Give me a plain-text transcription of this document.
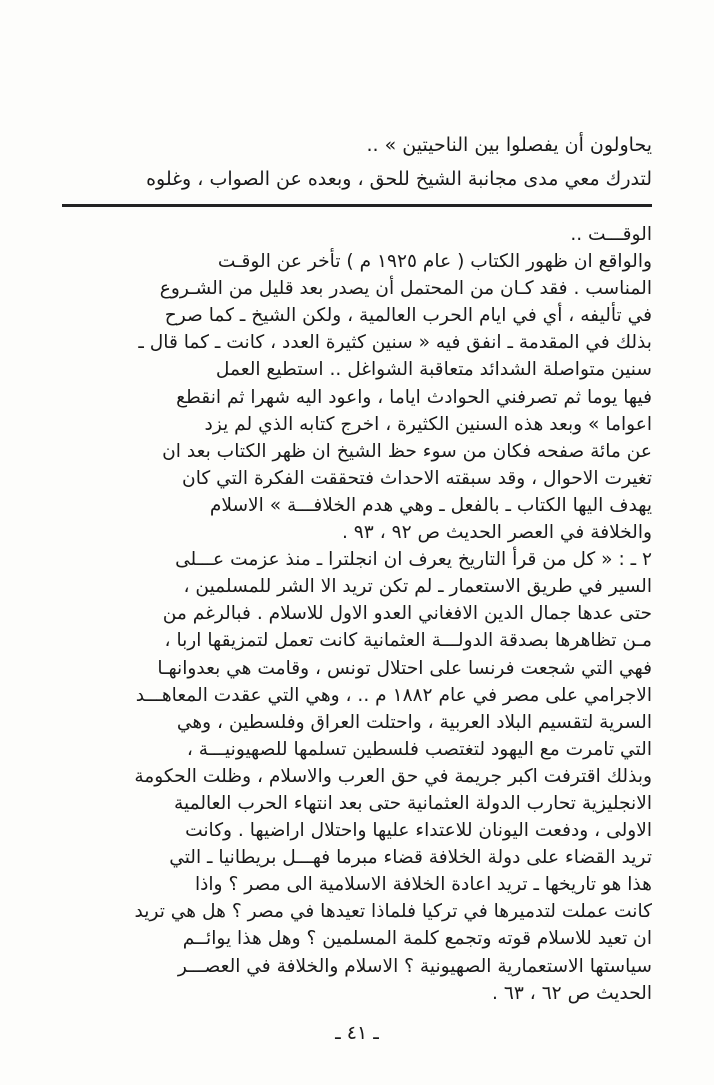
يحاولون أن يفصلوا بين الناحيتين » ..
لتدرك معي مدى مجانبة الشيخ للحق ، وبعده عن الصواب ، وغلوه
الوقـــت ..
والواقع ان ظهور الكتاب ( عام ١٩٢٥ م ) تأخر عن الوقـت
المناسب . فقد كـان من المحتمل أن يصدر بعد قليل من الشـروع
في تأليفه ، أي في ايام الحرب العالمية ، ولكن الشيخ ـ كما صرح
بذلك في المقدمة ـ انفق فيه « سنين كثيرة العدد ، كانت ـ كما قال ـ
سنين متواصلة الشدائد متعاقبة الشواغل .. استطيع العمل
فيها يوما ثم تصرفني الحوادث اياما ، واعود اليه شهرا ثم انقطع
اعواما » وبعد هذه السنين الكثيرة ، اخرج كتابه الذي لم يزد
عن مائة صفحه فكان من سوء حظ الشيخ ان ظهر الكتاب بعد ان
تغيرت الاحوال ، وقد سبقته الاحداث فتحققت الفكرة التي كان
يهدف اليها الكتاب ـ بالفعل ـ وهي هدم الخلافـــة » الاسلام
والخلافة في العصر الحديث ص ٩٢ ، ٩٣ .
٢ ـ : « كل من قرأ التاريخ يعرف ان انجلترا ـ منذ عزمت عـــلى
السير في طريق الاستعمار ـ لم تكن تريد الا الشر للمسلمين ،
حتى عدها جمال الدين الافغاني العدو الاول للاسلام . فبالرغم من
مـن تظاهرها بصدقة الدولـــة العثمانية كانت تعمل لتمزيقها اربا ،
فهي التي شجعت فرنسا على احتلال تونس ، وقامت هي بعدوانهـا
الاجرامي على مصر في عام ١٨٨٢ م .. ، وهي التي عقدت المعاهـــد
السرية لتقسيم البلاد العربية ، واحتلت العراق وفلسطين ، وهي
التي تامرت مع اليهود لتغتصب فلسطين تسلمها للصهيونيـــة ،
وبذلك اقترفت اكبر جريمة في حق العرب والاسلام ، وظلت الحكومة
الانجليزية تحارب الدولة العثمانية حتى بعد انتهاء الحرب العالمية
الاولى ، ودفعت اليونان للاعتداء عليها واحتلال اراضيها . وكانت
تريد القضاء على دولة الخلافة قضاء مبرما فهـــل بريطانيا ـ التي
هذا هو تاريخها ـ تريد اعادة الخلافة الاسلامية الى مصر ؟ واذا
كانت عملت لتدميرها في تركيا فلماذا تعيدها في مصر ؟ هل هي تريد
ان تعيد للاسلام قوته وتجمع كلمة المسلمين ؟ وهل هذا يوائــم
سياستها الاستعمارية الصهيونية ؟ الاسلام والخلافة في العصـــر
الحديث ص ٦٢ ، ٦٣ .
ـ ٤١ ـ
